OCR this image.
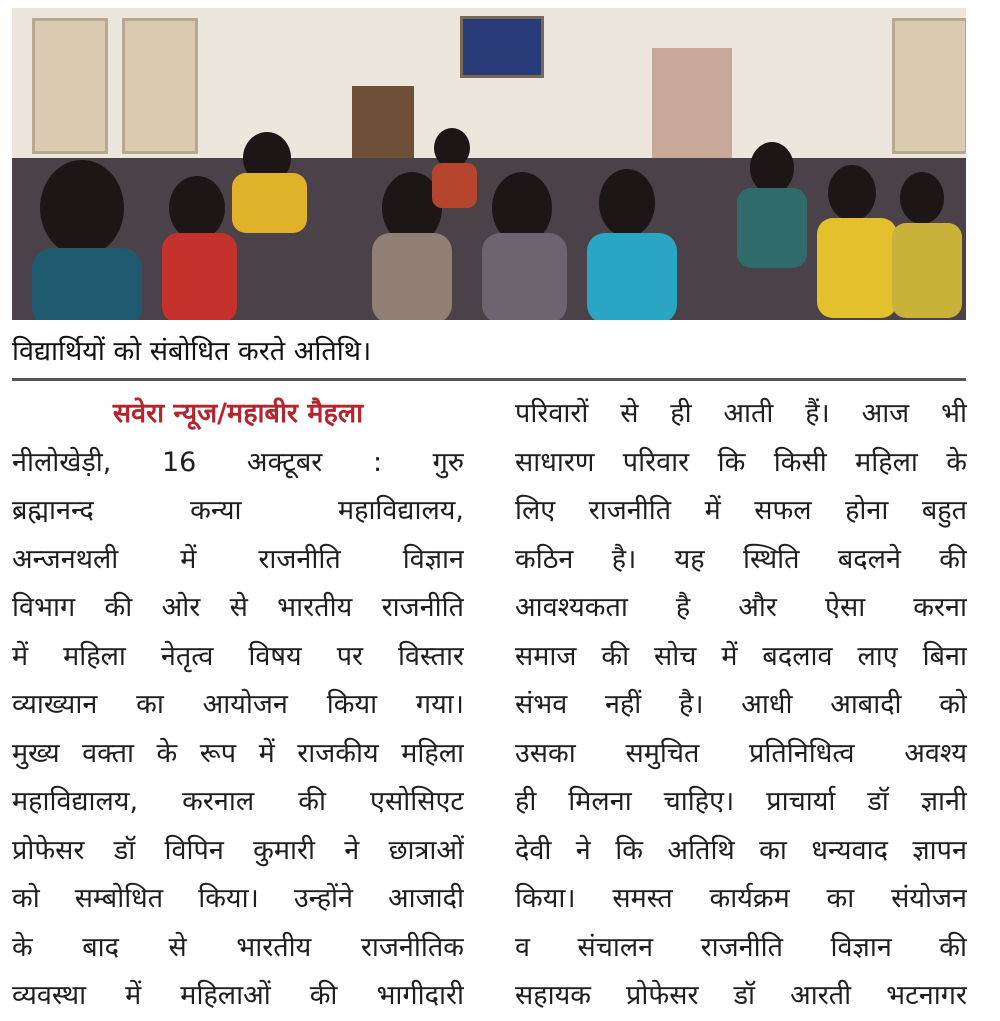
विद्यार्थियों को संबोधित करते अतिथि।
सवेरा न्यूज/महाबीर मैहला
नीलोखेड़ी, 16 अक्टूबर : गुरु
ब्रह्मानन्द कन्या महाविद्यालय,
अन्जनथली में राजनीति विज्ञान
विभाग की ओर से भारतीय राजनीति
में महिला नेतृत्व विषय पर विस्तार
व्याख्यान का आयोजन किया गया।
मुख्य वक्ता के रूप में राजकीय महिला
महाविद्यालय, करनाल की एसोसिएट
प्रोफेसर डॉ विपिन कुमारी ने छात्राओं
को सम्बोधित किया। उन्होंने आजादी
के बाद से भारतीय राजनीतिक
व्यवस्था में महिलाओं की भागीदारी
परिवारों से ही आती हैं। आज भी
साधारण परिवार कि किसी महिला के
लिए राजनीति में सफल होना बहुत
कठिन है। यह स्थिति बदलने की
आवश्यकता है और ऐसा करना
समाज की सोच में बदलाव लाए बिना
संभव नहीं है। आधी आबादी को
उसका समुचित प्रतिनिधित्व अवश्य
ही मिलना चाहिए। प्राचार्या डॉ ज्ञानी
देवी ने कि अतिथि का धन्यवाद ज्ञापन
किया। समस्त कार्यक्रम का संयोजन
व संचालन राजनीति विज्ञान की
सहायक प्रोफेसर डॉ आरती भटनागर
